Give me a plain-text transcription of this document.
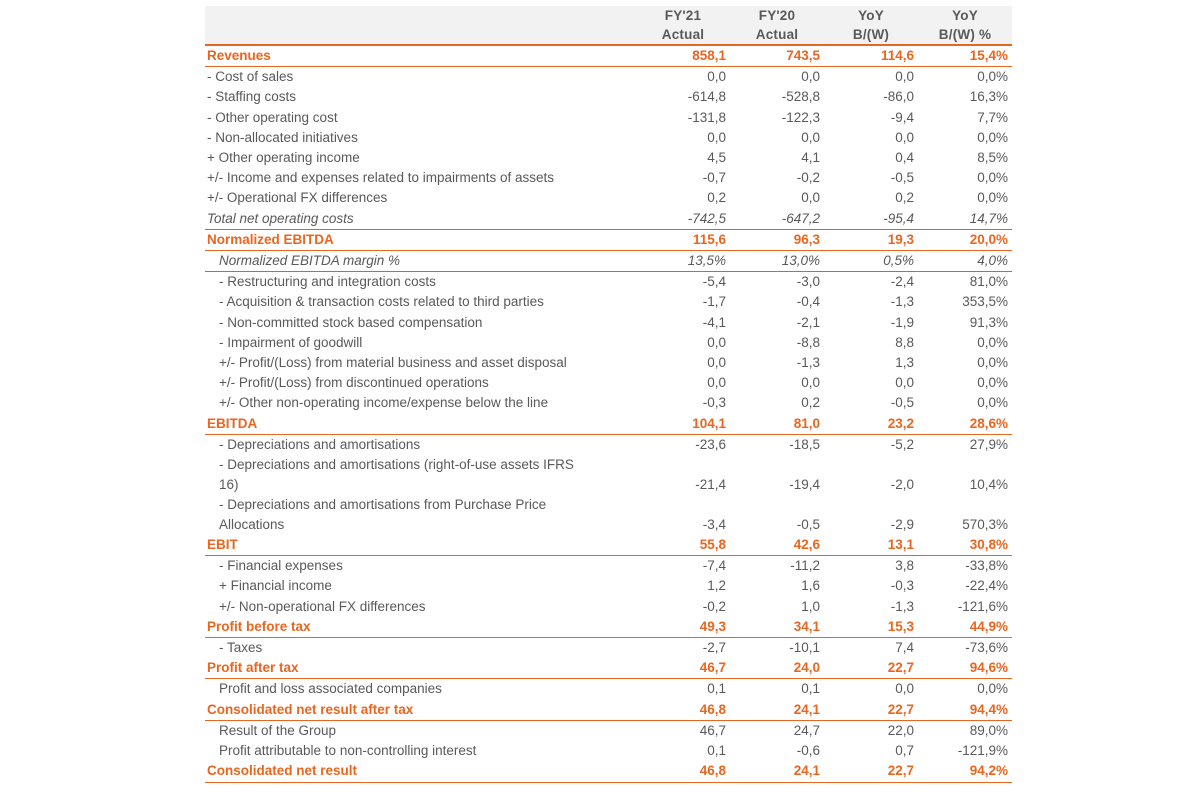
	FY'21	FY'20	YoY	YoY
	Actual	Actual	B/(W)	B/(W) %
Revenues	858,1	743,5	114,6	15,4%
- Cost of sales	0,0	0,0	0,0	0,0%
- Staffing costs	-614,8	-528,8	-86,0	16,3%
- Other operating cost	-131,8	-122,3	-9,4	7,7%
- Non-allocated initiatives	0,0	0,0	0,0	0,0%
+ Other operating income	4,5	4,1	0,4	8,5%
+/- Income and expenses related to impairments of assets	-0,7	-0,2	-0,5	0,0%
+/- Operational FX differences	0,2	0,0	0,2	0,0%
Total net operating costs	-742,5	-647,2	-95,4	14,7%
Normalized EBITDA	115,6	96,3	19,3	20,0%
Normalized EBITDA margin %	13,5%	13,0%	0,5%	4,0%
- Restructuring and integration costs	-5,4	-3,0	-2,4	81,0%
- Acquisition & transaction costs related to third parties	-1,7	-0,4	-1,3	353,5%
- Non-committed stock based compensation	-4,1	-2,1	-1,9	91,3%
- Impairment of goodwill	0,0	-8,8	8,8	0,0%
+/- Profit/(Loss) from material business and asset disposal	0,0	-1,3	1,3	0,0%
+/- Profit/(Loss) from discontinued operations	0,0	0,0	0,0	0,0%
+/- Other non-operating income/expense below the line	-0,3	0,2	-0,5	0,0%
EBITDA	104,1	81,0	23,2	28,6%
- Depreciations and amortisations	-23,6	-18,5	-5,2	27,9%

- Depreciations and amortisations (right-of-use assets IFRS
16)	-21,4	-19,4	-2,0	10,4%

- Depreciations and amortisations from Purchase Price
Allocations	-3,4	-0,5	-2,9	570,3%
EBIT	55,8	42,6	13,1	30,8%
- Financial expenses	-7,4	-11,2	3,8	-33,8%
+ Financial income	1,2	1,6	-0,3	-22,4%
+/- Non-operational FX differences	-0,2	1,0	-1,3	-121,6%
Profit before tax	49,3	34,1	15,3	44,9%
- Taxes	-2,7	-10,1	7,4	-73,6%
Profit after tax	46,7	24,0	22,7	94,6%
Profit and loss associated companies	0,1	0,1	0,0	0,0%
Consolidated net result after tax	46,8	24,1	22,7	94,4%
Result of the Group	46,7	24,7	22,0	89,0%
Profit attributable to non-controlling interest	0,1	-0,6	0,7	-121,9%
Consolidated net result	46,8	24,1	22,7	94,2%
